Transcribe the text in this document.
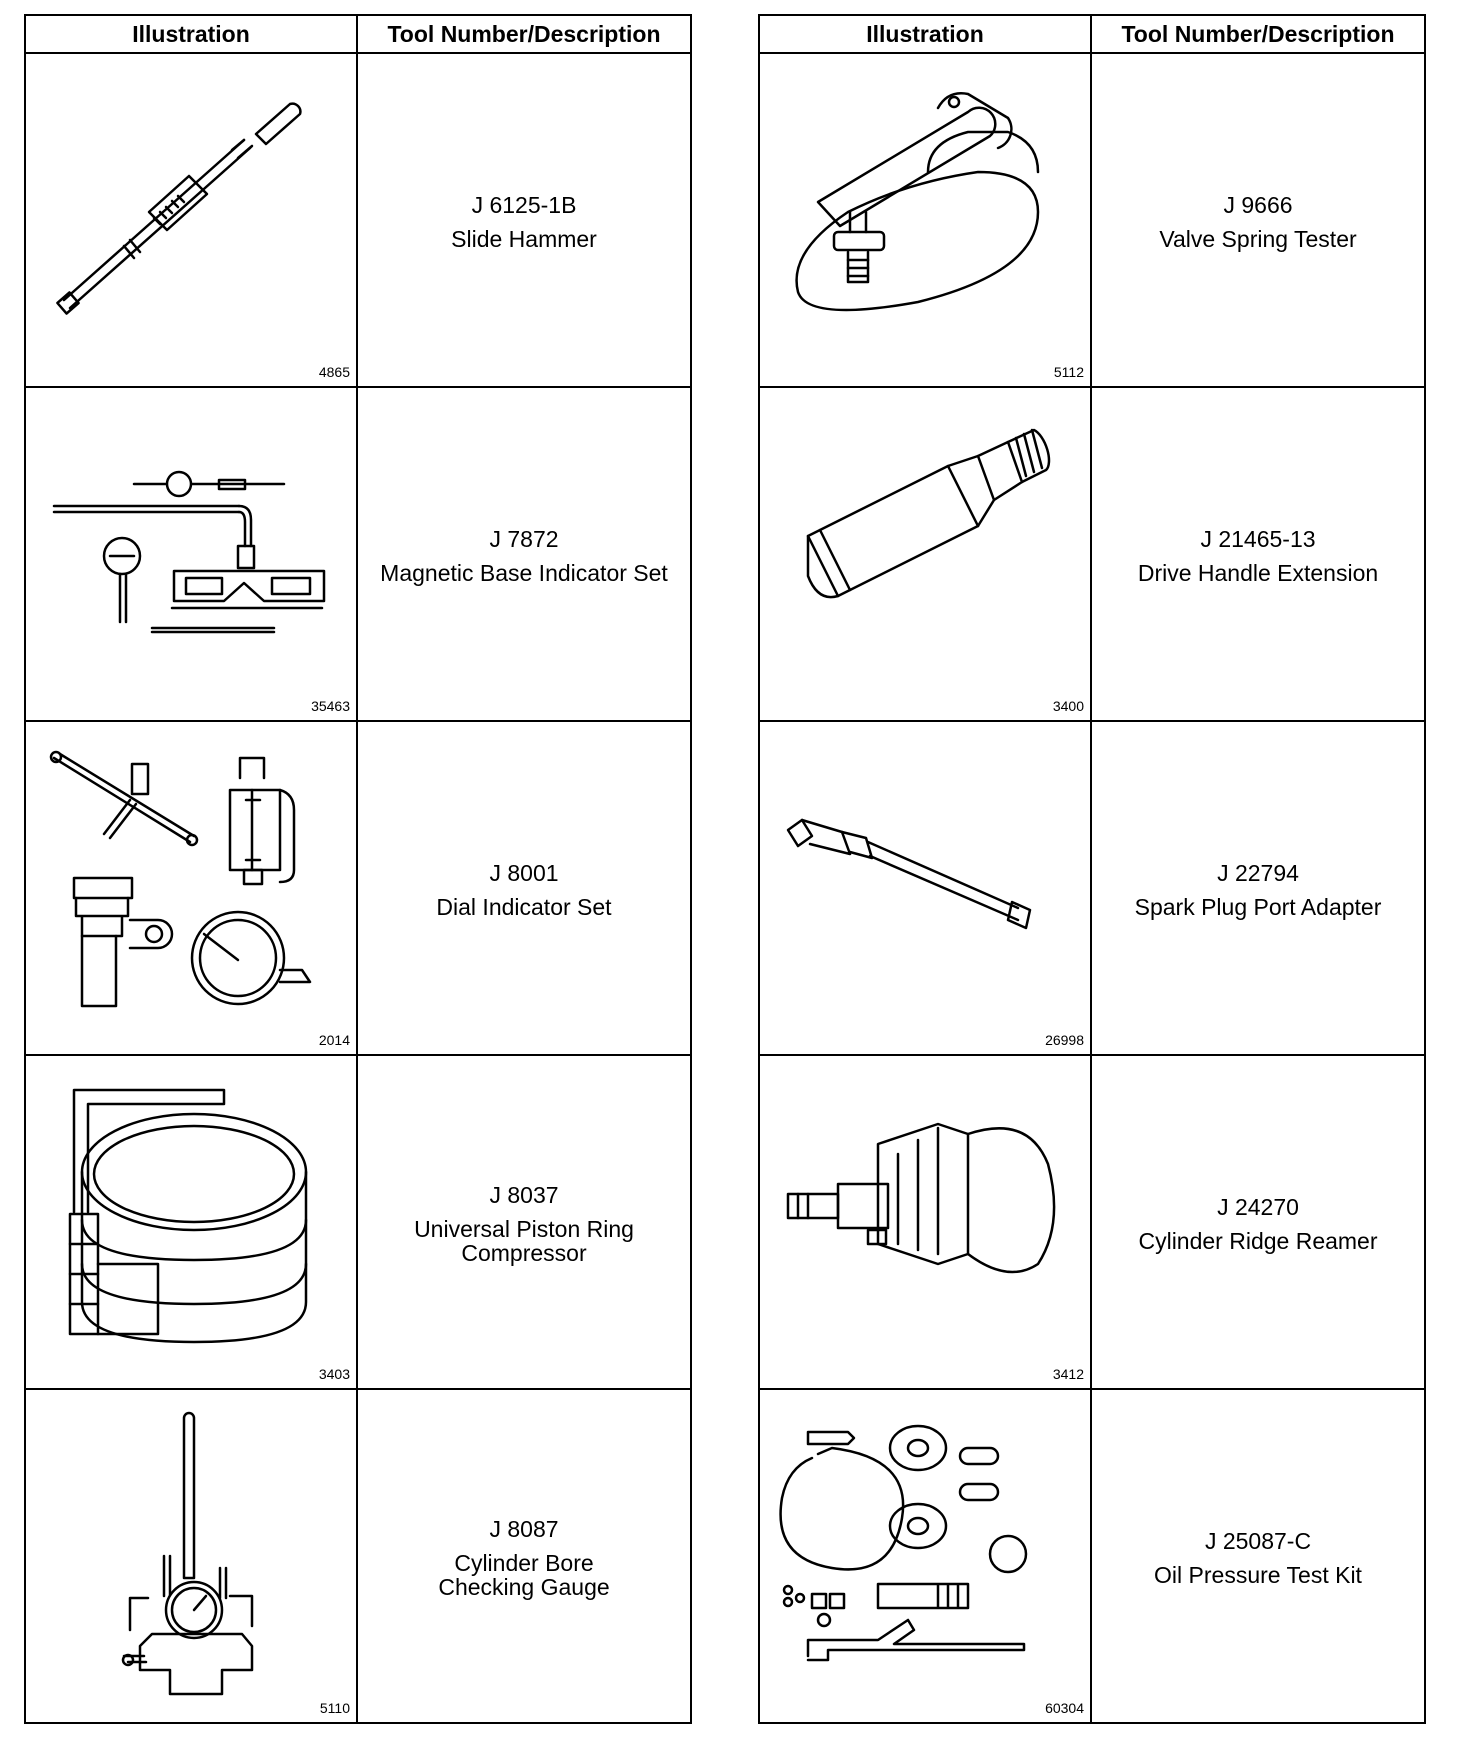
Illustration	Tool Number/Description

4865	J 6125-1B
Slide Hammer

35463	J 7872
Magnetic Base Indicator Set

2014	J 8001
Dial Indicator Set

3403	J 8037
Universal Piston Ring
Compressor

5110	J 8087
Cylinder Bore
Checking Gauge
Illustration	Tool Number/Description

5112	J 9666
Valve Spring Tester

3400	J 21465-13
Drive Handle Extension

26998	J 22794
Spark Plug Port Adapter

3412	J 24270
Cylinder Ridge Reamer

60304	J 25087-C
Oil Pressure Test Kit
